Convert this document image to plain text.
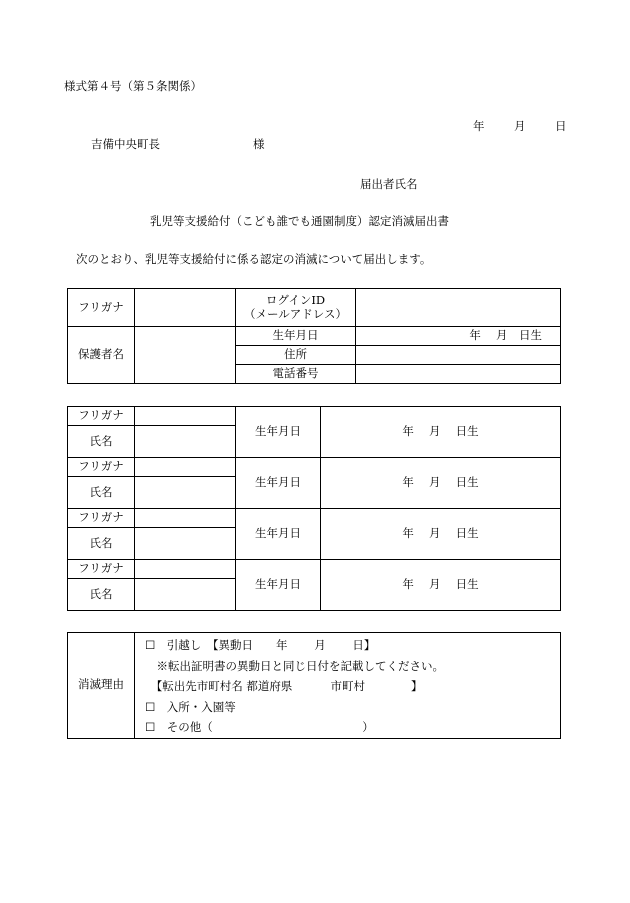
様式第４号（第５条関係）
年	月	日
吉備中央町長	様
届出者氏名
乳児等支援給付（こども誰でも通園制度）認定消滅届出書
次のとおり、乳児等支援給付に係る認定の消滅について届出します。
フリガナ		ログインID
（メールアドレス）	

保護者名		生年月日	年　 月　日生
		住所	
		電話番号	
フリガナ		生年月日	年　 月　 日生
氏名			
フリガナ		生年月日	年　 月　 日生
氏名			
フリガナ		生年月日	年　 月　 日生
氏名			
フリガナ		生年月日	年　 月　 日生
氏名			
消滅理由	
☐　引越し　【異動日　　年　　 月　　 日】
　※転出証明書の異動日と同じ日付を記載してください。
　【転出先市町村名 都道府県　　　 市町村　　　　】
☐　入所・入園等
☐　その他（　　　　　　　　　　　　　）
